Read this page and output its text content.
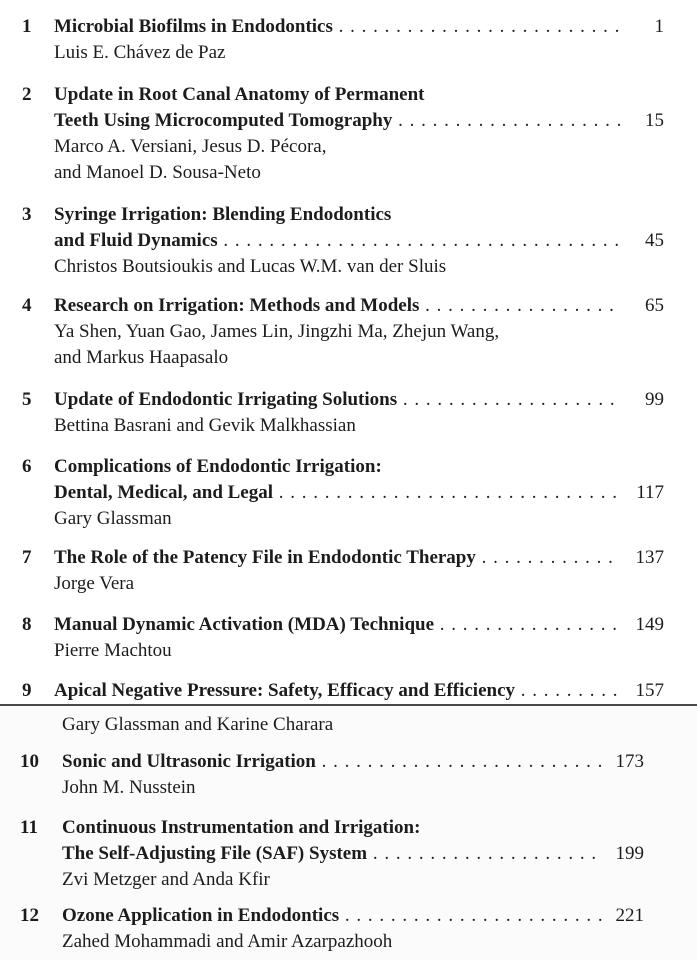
1 Microbial Biofilms in Endodontics . . .	1
Luis E. Chávez de Paz
2 Update in Root Canal Anatomy of Permanent
Teeth Using Microcomputed Tomography . . .	15
Marco A. Versiani, Jesus D. Pécora,
and Manoel D. Sousa-Neto
3 Syringe Irrigation: Blending Endodontics
and Fluid Dynamics . . .	45
Christos Boutsioukis and Lucas W.M. van der Sluis
4 Research on Irrigation: Methods and Models . . .	65
Ya Shen, Yuan Gao, James Lin, Jingzhi Ma, Zhejun Wang,
and Markus Haapasalo
5 Update of Endodontic Irrigating Solutions . . .	99
Bettina Basrani and Gevik Malkhassian
6 Complications of Endodontic Irrigation:
Dental, Medical, and Legal . . .	117
Gary Glassman
7 The Role of the Patency File in Endodontic Therapy . . .	137
Jorge Vera
8 Manual Dynamic Activation (MDA) Technique . . .	149
Pierre Machtou
9 Apical Negative Pressure: Safety, Efficacy and Efficiency . . .	157
Gary Glassman and Karine Charara
10 Sonic and Ultrasonic Irrigation . . .	173
John M. Nusstein
11 Continuous Instrumentation and Irrigation:
The Self-Adjusting File (SAF) System . . .	199
Zvi Metzger and Anda Kfir
12 Ozone Application in Endodontics . . .	221
Zahed Mohammadi and Amir Azarpazhooh
